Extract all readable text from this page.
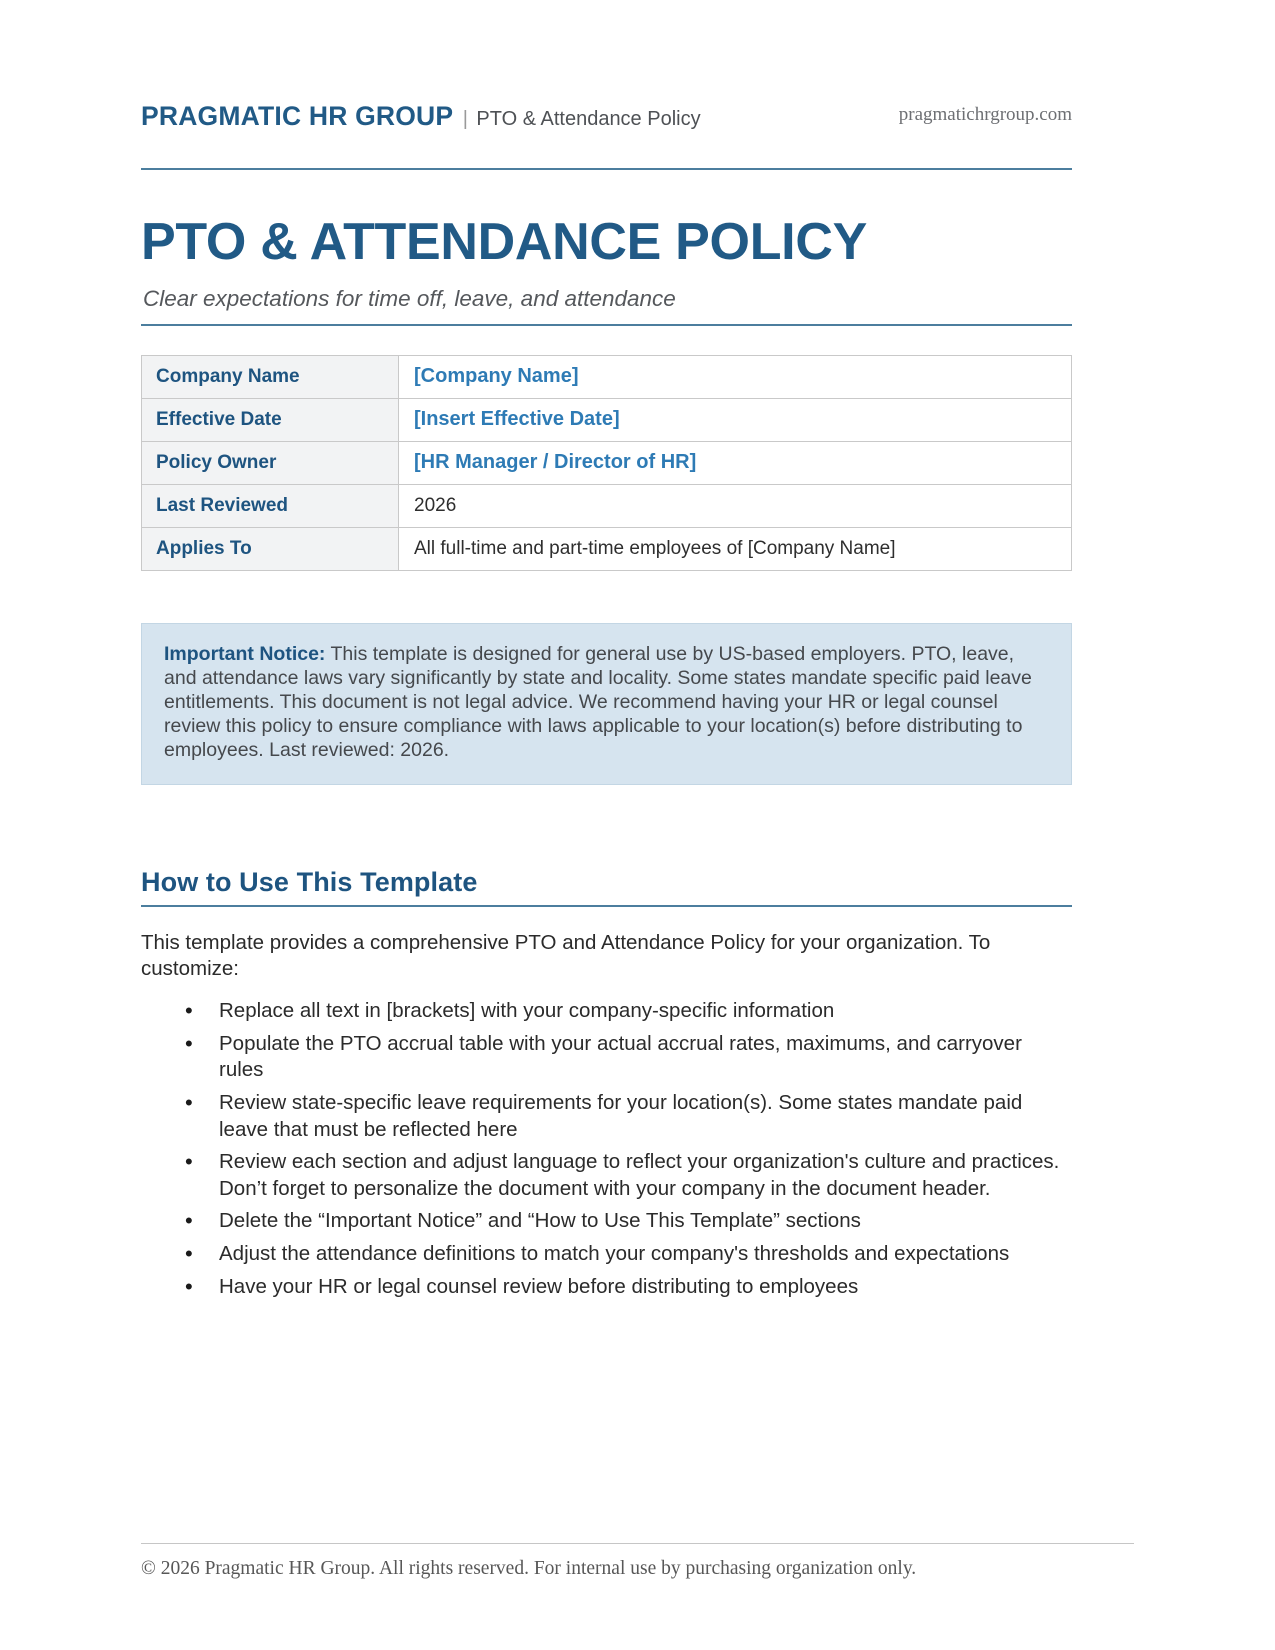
PRAGMATIC HR GROUP | PTO & Attendance Policy	pragmatichrgroup.com
PTO & ATTENDANCE POLICY
Clear expectations for time off, leave, and attendance
Company Name	[Company Name]
Effective Date	[Insert Effective Date]
Policy Owner	[HR Manager / Director of HR]
Last Reviewed	2026
Applies To	All full-time and part-time employees of [Company Name]

Important Notice: This template is designed for general use by US-based employers. PTO, leave, and attendance laws vary significantly by state and locality. Some states mandate specific paid leave entitlements. This document is not legal advice. We recommend having your HR or legal counsel review this policy to ensure compliance with laws applicable to your location(s) before distributing to employees. Last reviewed: 2026.

How to Use This Template

This template provides a comprehensive PTO and Attendance Policy for your organization. To customize:

• Replace all text in [brackets] with your company-specific information
• Populate the PTO accrual table with your actual accrual rates, maximums, and carryover rules
• Review state-specific leave requirements for your location(s). Some states mandate paid leave that must be reflected here
• Review each section and adjust language to reflect your organization's culture and practices. Don’t forget to personalize the document with your company in the document header.
• Delete the “Important Notice” and “How to Use This Template” sections
• Adjust the attendance definitions to match your company's thresholds and expectations
• Have your HR or legal counsel review before distributing to employees
© 2026 Pragmatic HR Group. All rights reserved. For internal use by purchasing organization only.
